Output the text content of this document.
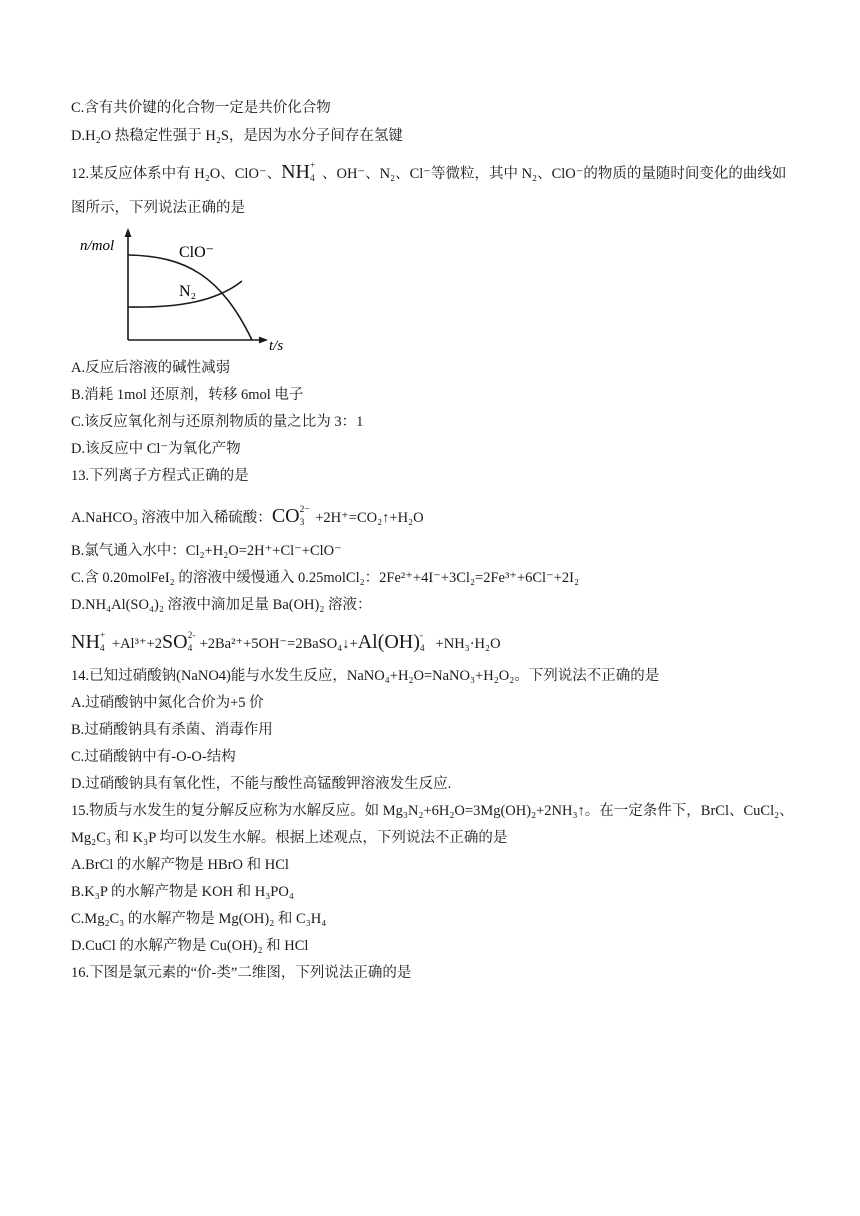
C.含有共价键的化合物一定是共价化合物
D.H₂O 热稳定性强于 H₂S，是因为水分子间存在氢键
12.某反应体系中有 H₂O、ClO⁻、NH +
4 、OH⁻、N₂、Cl⁻等微粒，其中 N₂、ClO⁻的物质的量随时间变化的曲线如
图所示，下列说法正确的是
n/mol
t/s
ClO⁻
N₂
A.反应后溶液的碱性减弱
B.消耗 1mol 还原剂，转移 6mol 电子
C.该反应氧化剂与还原剂物质的量之比为 3：1
D.该反应中 Cl⁻为氧化产物
13.下列离子方程式正确的是
A.NaHCO₃ 溶液中加入稀硫酸：CO 2−
3 +2H⁺=CO₂↑+H₂O
B.氯气通入水中：Cl₂+H₂O=2H⁺+Cl⁻+ClO⁻
C.含 0.20molFeI₂ 的溶液中缓慢通入 0.25molCl₂：2Fe²⁺+4I⁻+3Cl₂=2Fe³⁺+6Cl⁻+2I₂
D.NH₄Al(SO₄)₂ 溶液中滴加足量 Ba(OH)₂ 溶液：
NH +
4 +Al³⁺+2SO 2-
4 +2Ba²⁺+5OH⁻=2BaSO₄↓+Al(OH) -
4 +NH₃·H₂O
14.已知过硝酸钠(NaNO4)能与水发生反应，NaNO₄+H₂O=NaNO₃+H₂O₂。下列说法不正确的是
A.过硝酸钠中氮化合价为+5 价
B.过硝酸钠具有杀菌、消毒作用
C.过硝酸钠中有-O-O-结构
D.过硝酸钠具有氧化性，不能与酸性高锰酸钾溶液发生反应.
15.物质与水发生的复分解反应称为水解反应。如 Mg₃N₂+6H₂O=3Mg(OH)₂+2NH₃↑。在一定条件下，BrCl、CuCl₂、
Mg₂C₃ 和 K₃P 均可以发生水解。根据上述观点，下列说法不正确的是
A.BrCl 的水解产物是 HBrO 和 HCl
B.K₃P 的水解产物是 KOH 和 H₃PO₄
C.Mg₂C₃ 的水解产物是 Mg(OH)₂ 和 C₃H₄
D.CuCl 的水解产物是 Cu(OH)₂ 和 HCl
16.下图是氯元素的“价-类”二维图，下列说法正确的是
